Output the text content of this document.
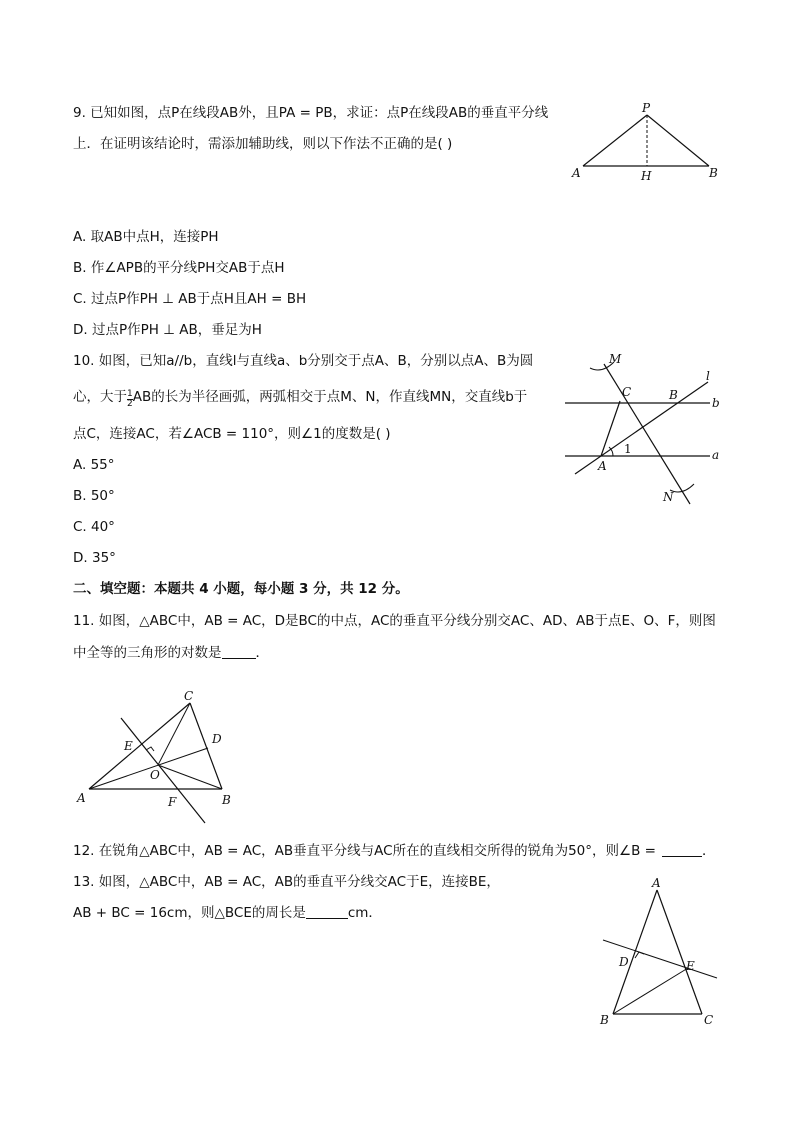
9. 已知如图，点P在线段AB外，且PA = PB，求证：点P在线段AB的垂直平分线
上．在证明该结论时，需添加辅助线，则以下作法不正确的是( )
P
A	H	B
A. 取AB中点H，连接PH
B. 作∠APB的平分线PH交AB于点H
C. 过点P作PH ⊥ AB于点H且AH = BH
D. 过点P作PH ⊥ AB，垂足为H
10. 如图，已知a//b，直线l与直线a、b分别交于点A、B，分别以点A、B为圆
心，大于 $\frac{1}{2}$ AB的长为半径画弧，两弧相交于点M、N，作直线MN，交直线b于
点C，连接AC，若∠ACB = 110°，则∠1的度数是( )
M
C	B
l
b
1
A
a
N
A. 55°
B. 50°
C. 40°
D. 35°
二、填空题：本题共 4 小题，每小题 3 分，共 12 分。
11. 如图，△ABC中，AB = AC，D是BC的中点，AC的垂直平分线分别交AC、AD、AB于点E、O、F，则图
中全等的三角形的对数是	．
C
E	D
O
A	F	B
12. 在锐角△ABC中，AB = AC，AB垂直平分线与AC所在的直线相交所得的锐角为50°，则∠B =	．
13. 如图，△ABC中，AB = AC，AB的垂直平分线交AC于E，连接BE，
AB + BC = 16cm，则△BCE的周长是	cm．
A
D	E
B	C
